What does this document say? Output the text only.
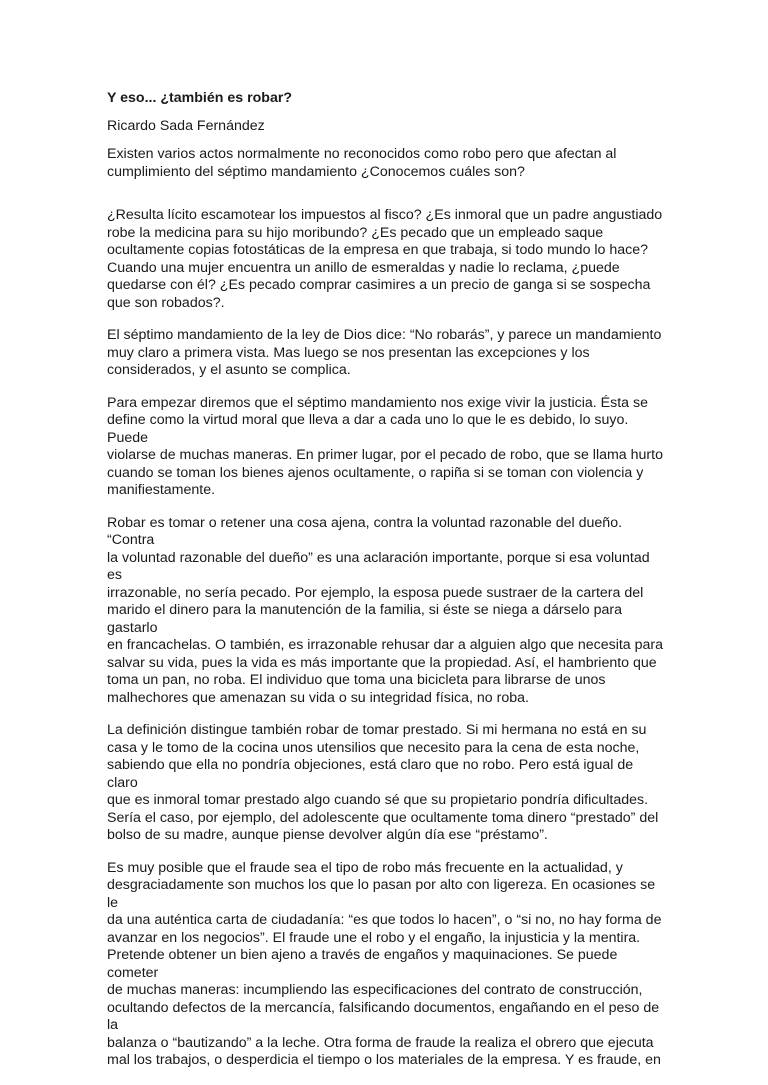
Y eso... ¿también es robar?
Ricardo Sada Fernández
Existen varios actos normalmente no reconocidos como robo pero que afectan al
cumplimiento del séptimo mandamiento ¿Conocemos cuáles son?
¿Resulta lícito escamotear los impuestos al fisco? ¿Es inmoral que un padre angustiado
robe la medicina para su hijo moribundo? ¿Es pecado que un empleado saque
ocultamente copias fotostáticas de la empresa en que trabaja, si todo mundo lo hace?
Cuando una mujer encuentra un anillo de esmeraldas y nadie lo reclama, ¿puede
quedarse con él? ¿Es pecado comprar casimires a un precio de ganga si se sospecha
que son robados?.
El séptimo mandamiento de la ley de Dios dice: “No robarás”, y parece un mandamiento
muy claro a primera vista. Mas luego se nos presentan las excepciones y los
considerados, y el asunto se complica.
Para empezar diremos que el séptimo mandamiento nos exige vivir la justicia. Ésta se
define como la virtud moral que lleva a dar a cada uno lo que le es debido, lo suyo. Puede
violarse de muchas maneras. En primer lugar, por el pecado de robo, que se llama hurto
cuando se toman los bienes ajenos ocultamente, o rapiña si se toman con violencia y
manifiestamente.
Robar es tomar o retener una cosa ajena, contra la voluntad razonable del dueño. “Contra
la voluntad razonable del dueño” es una aclaración importante, porque si esa voluntad es
irrazonable, no sería pecado. Por ejemplo, la esposa puede sustraer de la cartera del
marido el dinero para la manutención de la familia, si éste se niega a dárselo para gastarlo
en francachelas. O también, es irrazonable rehusar dar a alguien algo que necesita para
salvar su vida, pues la vida es más importante que la propiedad. Así, el hambriento que
toma un pan, no roba. El individuo que toma una bicicleta para librarse de unos
malhechores que amenazan su vida o su integridad física, no roba.
La definición distingue también robar de tomar prestado. Si mi hermana no está en su
casa y le tomo de la cocina unos utensilios que necesito para la cena de esta noche,
sabiendo que ella no pondría objeciones, está claro que no robo. Pero está igual de claro
que es inmoral tomar prestado algo cuando sé que su propietario pondría dificultades.
Sería el caso, por ejemplo, del adolescente que ocultamente toma dinero “prestado” del
bolso de su madre, aunque piense devolver algún día ese “préstamo”.
Es muy posible que el fraude sea el tipo de robo más frecuente en la actualidad, y
desgraciadamente son muchos los que lo pasan por alto con ligereza. En ocasiones se le
da una auténtica carta de ciudadanía: “es que todos lo hacen”, o “si no, no hay forma de
avanzar en los negocios”. El fraude une el robo y el engaño, la injusticia y la mentira.
Pretende obtener un bien ajeno a través de engaños y maquinaciones. Se puede cometer
de muchas maneras: incumpliendo las especificaciones del contrato de construcción,
ocultando defectos de la mercancía, falsificando documentos, engañando en el peso de la
balanza o “bautizando” a la leche. Otra forma de fraude la realiza el obrero que ejecuta
mal los trabajos, o desperdicia el tiempo o los materiales de la empresa. Y es fraude, en
